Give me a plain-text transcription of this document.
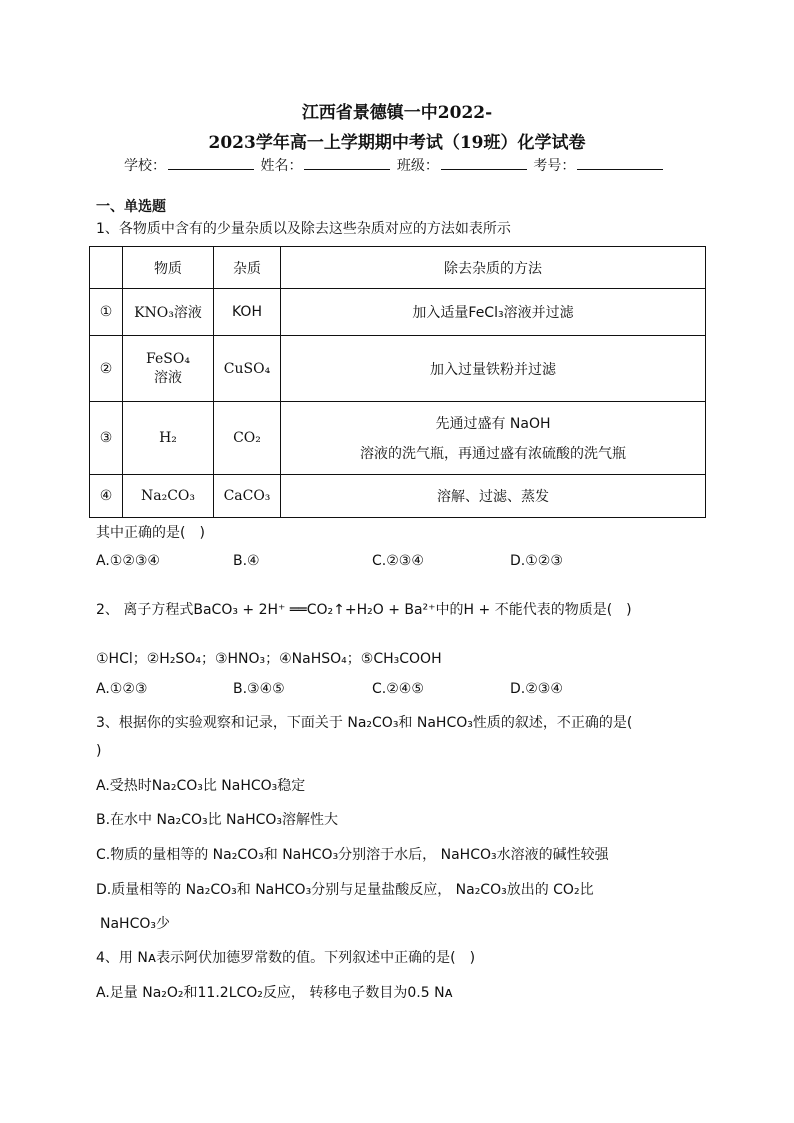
江西省景德镇一中2022-
2023学年高一上学期期中考试（19班）化学试卷
学校：	姓名：	班级：	考号：
一、单选题
1、各物质中含有的少量杂质以及除去这些杂质对应的方法如表所示
	物质	杂质	除去杂质的方法
①	KNO₃溶液	KOH	加入适量FeCl₃溶液并过滤
②	FeSO₄
溶液	CuSO₄	加入过量铁粉并过滤
③	H₂	CO₂	先通过盛有 NaOH
溶液的洗气瓶，再通过盛有浓硫酸的洗气瓶

④	Na₂CO₃	CaCO₃	溶解、过滤、蒸发
其中正确的是(　)
A.①②③④	B.④	C.②③④	D.①②③
2、 离子方程式BaCO₃ + 2H⁺ ══CO₂↑+H₂O + Ba²⁺中的H + 不能代表的物质是(　)
①HCl；②H₂SO₄；③HNO₃；④NaHSO₄；⑤CH₃COOH
A.①②③	B.③④⑤	C.②④⑤	D.②③④
3、根据你的实验观察和记录，下面关于 Na₂CO₃和 NaHCO₃性质的叙述，不正确的是(
)
A.受热时Na₂CO₃比 NaHCO₃稳定
B.在水中 Na₂CO₃比 NaHCO₃溶解性大
C.物质的量相等的 Na₂CO₃和 NaHCO₃分别溶于水后， NaHCO₃水溶液的碱性较强
D.质量相等的 Na₂CO₃和 NaHCO₃分别与足量盐酸反应， Na₂CO₃放出的 CO₂比
NaHCO₃少
4、用 Nᴀ表示阿伏加德罗常数的值。下列叙述中正确的是(　)
A.足量 Na₂O₂和11.2LCO₂反应， 转移电子数目为0.5 Nᴀ
